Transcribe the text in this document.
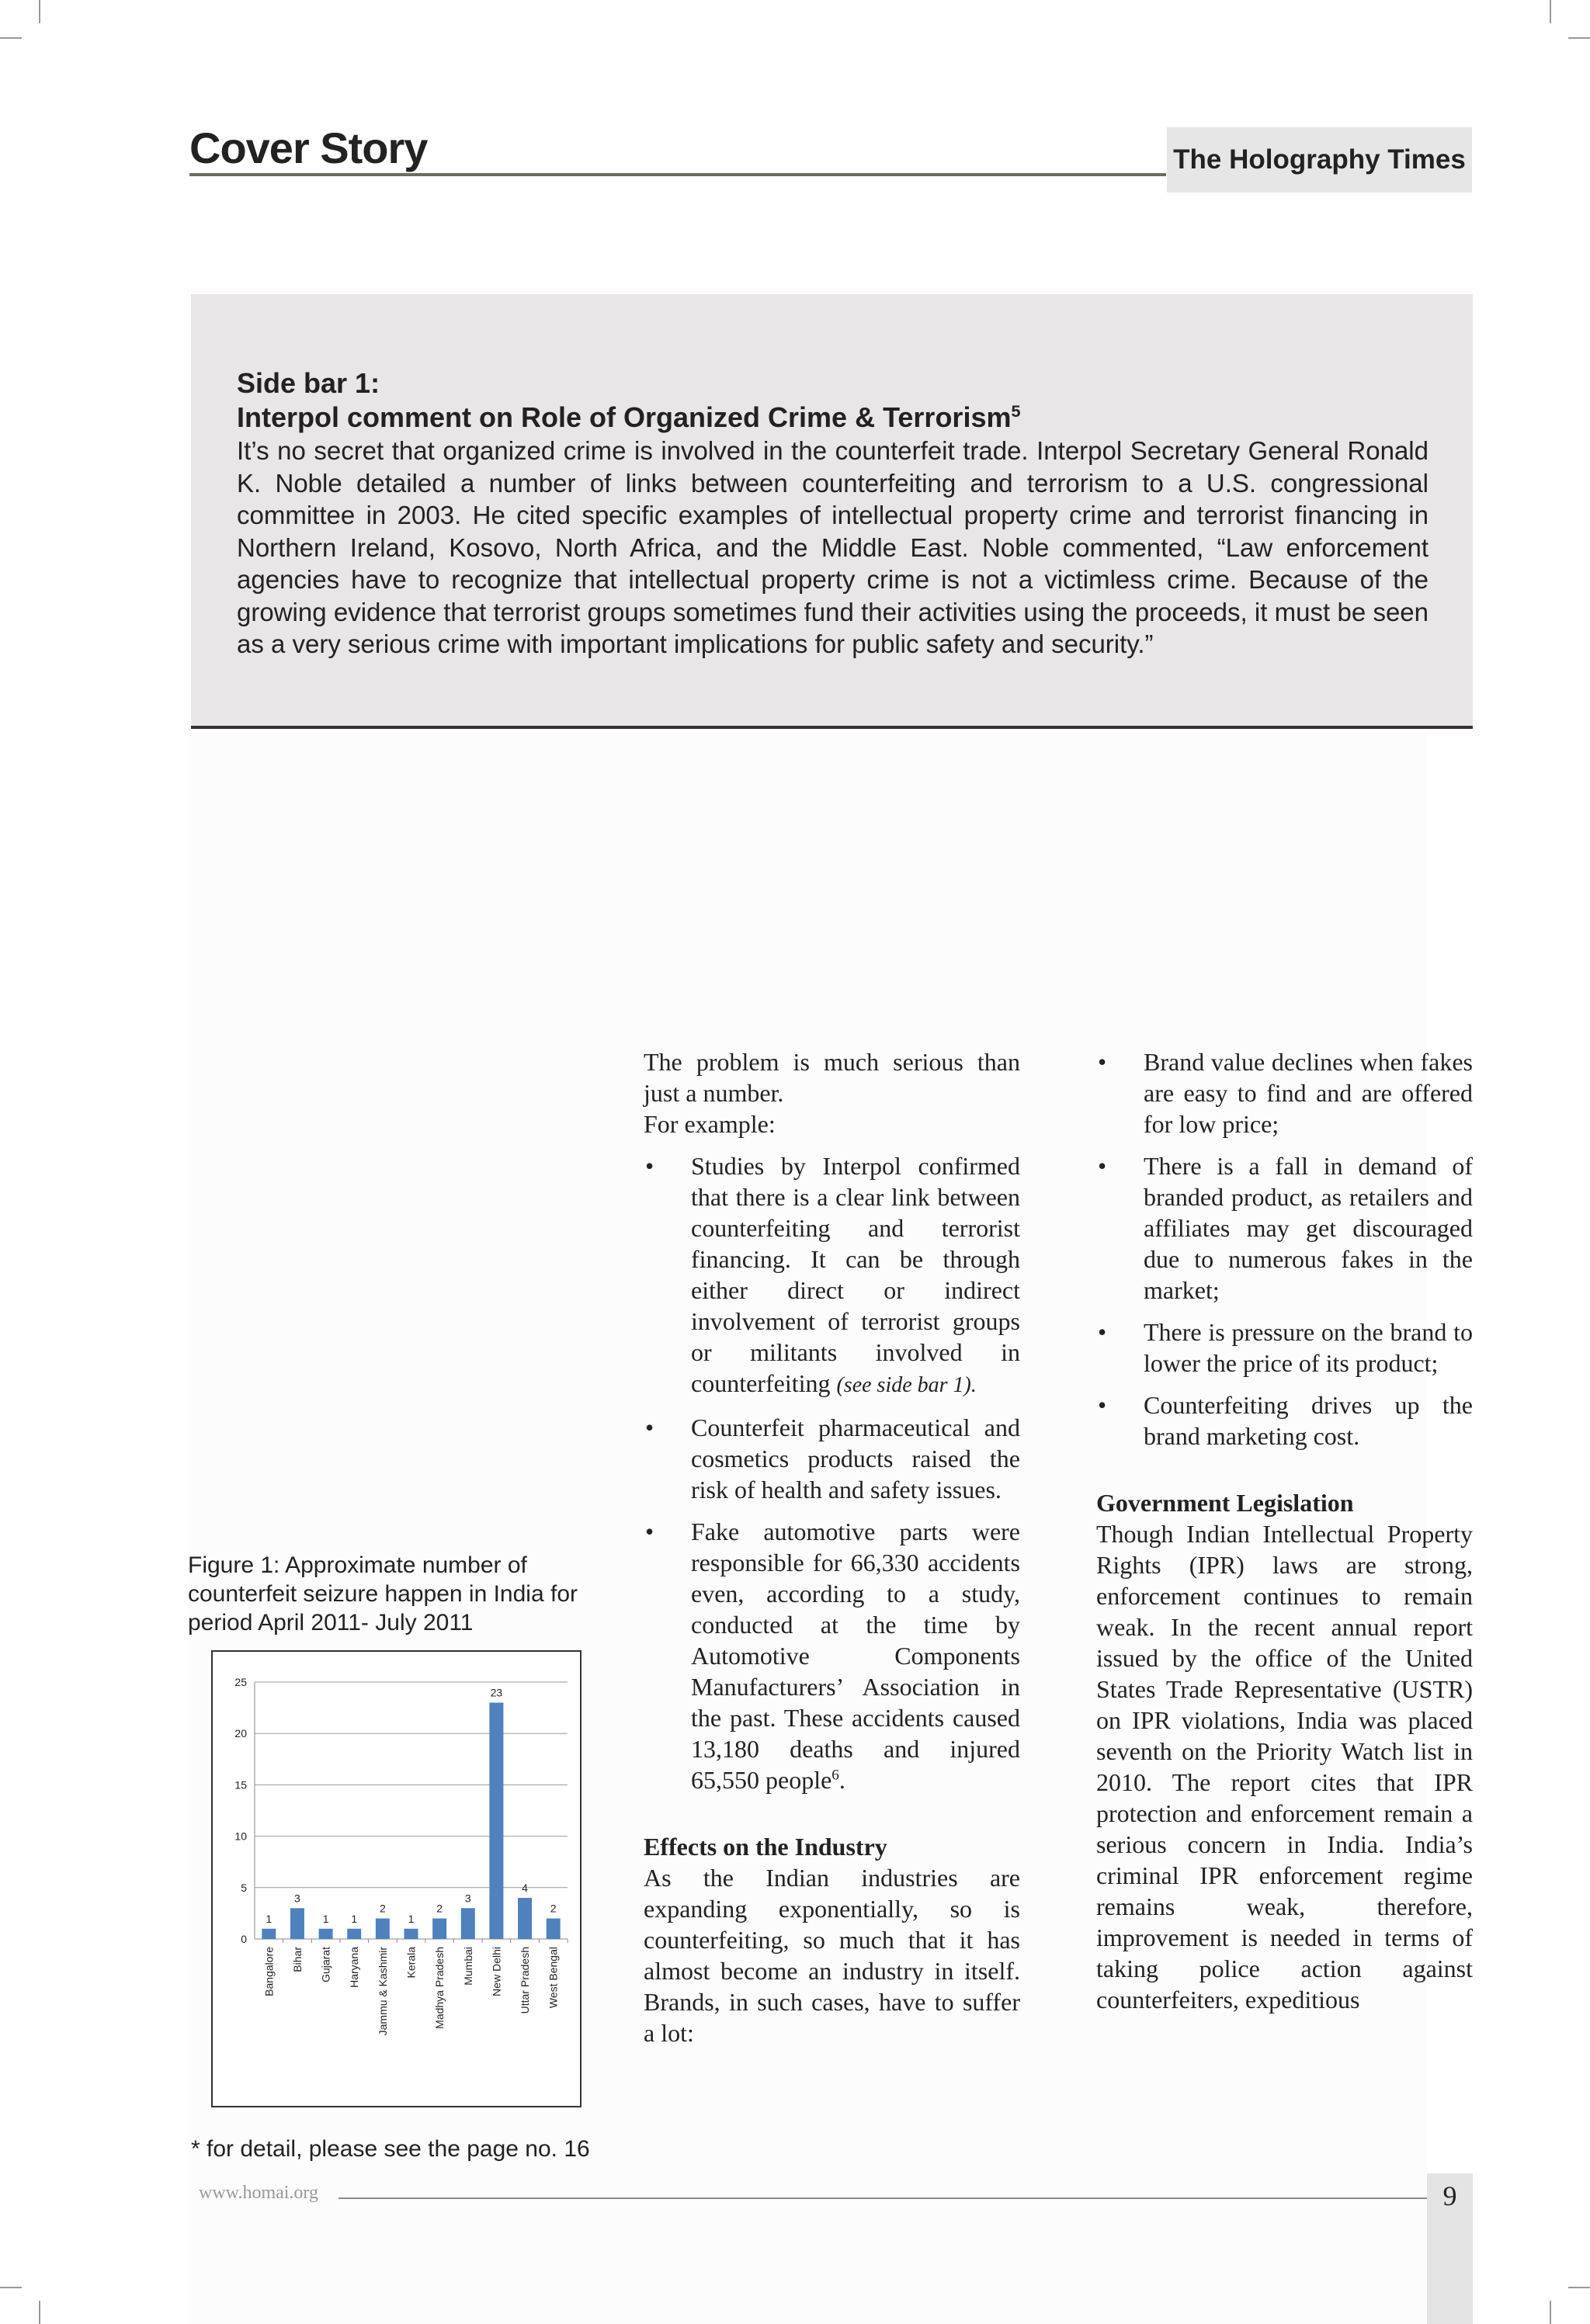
Cover Story	The Holography Times
Side bar 1:
Interpol comment on Role of Organized Crime & Terrorism$^5$

It’s no secret that organized crime is involved in the counterfeit trade. Interpol Secretary General Ronald K. Noble detailed a number of links between counterfeiting and terrorism to a U.S. congressional committee in 2003. He cited specific examples of intellectual property crime and terrorist financing in Northern Ireland, Kosovo, North Africa, and the Middle East. Noble commented, “Law enforcement agencies have to recognize that intellectual property crime is not a victimless crime. Because of the growing evidence that terrorist groups sometimes fund their activities using the proceeds, it must be seen as a very serious crime with important implications for public safety and security.”

Figure 1: Approximate number of counterfeit seizure happen in India for period April 2011- July 2011
0
5
10
15
20
25
1
Bangalore
3
Bihar
1
Gujarat
1
Haryana
2
Jammu & Kashmir
1
Kerala
2
Madhya Pradesh
3
Mumbai
23
New Delhi
4
Uttar Pradesh
2
West Bengal
* for detail, please see the page no. 16

The problem is much serious than just a number.

For example:

• Studies by Interpol confirmed that there is a clear link between counterfeiting and terrorist financing. It can be through either direct or indirect involvement of terrorist groups or militants involved in counterfeiting (see side bar 1).
• Counterfeit pharmaceutical and cosmetics products raised the risk of health and safety issues.
• Fake automotive parts were responsible for 66,330 accidents even, according to a study, conducted at the time by Automotive Components Manufacturers’ Association in the past. These accidents caused 13,180 deaths and injured 65,550 people$^6$.
Effects on the Industry

As the Indian industries are expanding exponentially, so is counterfeiting, so much that it has almost become an industry in itself. Brands, in such cases, have to suffer a lot:

• Brand value declines when fakes are easy to find and are offered for low price;
• There is a fall in demand of branded product, as retailers and affiliates may get discouraged due to numerous fakes in the market;
• There is pressure on the brand to lower the price of its product;
• Counterfeiting drives up the brand marketing cost.
Government Legislation

Though Indian Intellectual Property Rights (IPR) laws are strong, enforcement continues to remain weak. In the recent annual report issued by the office of the United States Trade Representative (USTR) on IPR violations, India was placed seventh on the Priority Watch list in 2010. The report cites that IPR protection and enforcement remain a serious concern in India. India’s criminal IPR enforcement regime remains weak, therefore, improvement is needed in terms of taking police action against counterfeiters, expeditious

www.homai.org	9
